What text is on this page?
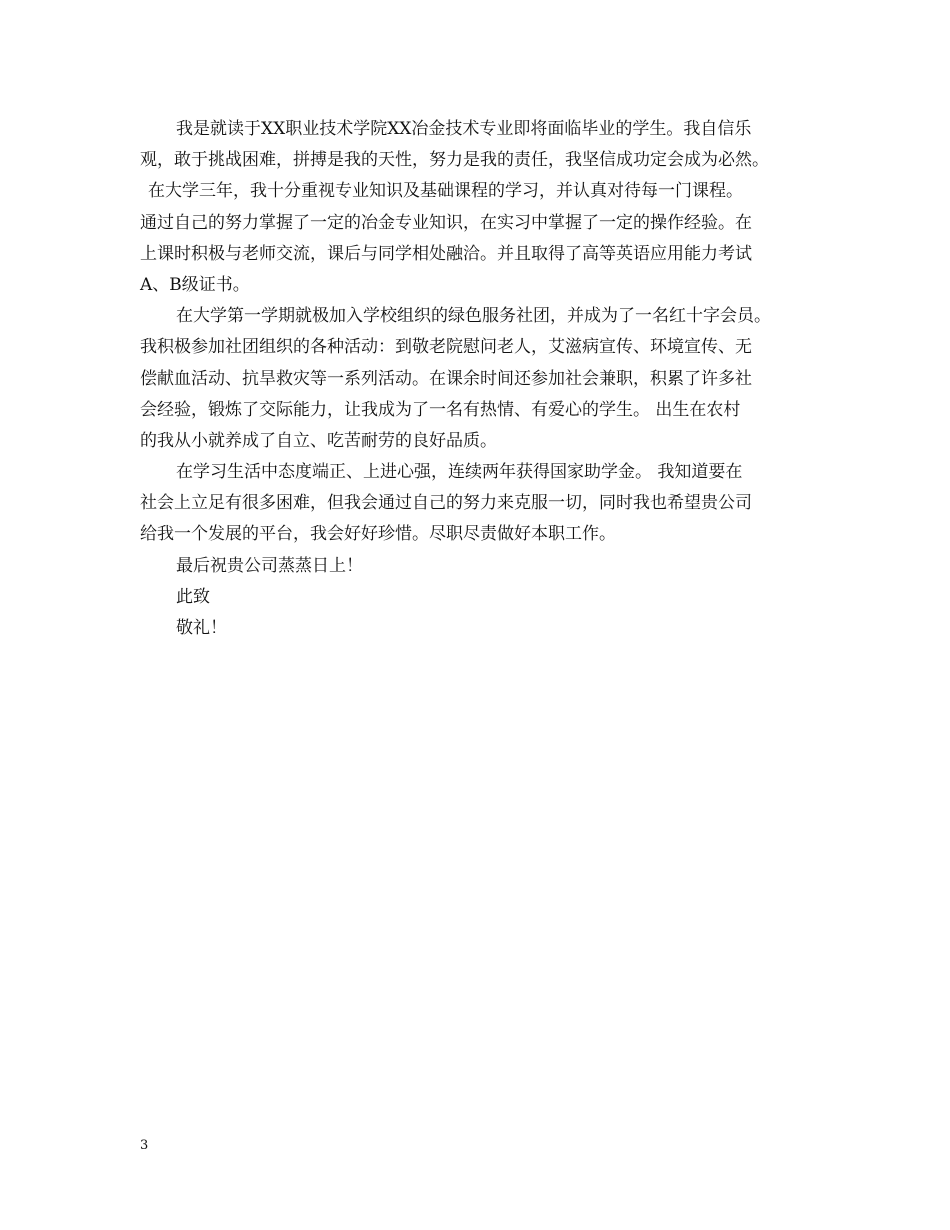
我是就读于XX职业技术学院XX冶金技术专业即将面临毕业的学生。我自信乐
观，敢于挑战困难，拼搏是我的天性，努力是我的责任，我坚信成功定会成为必然。
在大学三年，我十分重视专业知识及基础课程的学习，并认真对待每一门课程。
通过自己的努力掌握了一定的冶金专业知识，在实习中掌握了一定的操作经验。在
上课时积极与老师交流，课后与同学相处融洽。并且取得了高等英语应用能力考试
A、B级证书。
在大学第一学期就极加入学校组织的绿色服务社团，并成为了一名红十字会员。
我积极参加社团组织的各种活动：到敬老院慰问老人，艾滋病宣传、环境宣传、无
偿献血活动、抗旱救灾等一系列活动。在课余时间还参加社会兼职，积累了许多社
会经验，锻炼了交际能力，让我成为了一名有热情、有爱心的学生。 出生在农村
的我从小就养成了自立、吃苦耐劳的良好品质。
在学习生活中态度端正、上进心强，连续两年获得国家助学金。 我知道要在
社会上立足有很多困难，但我会通过自己的努力来克服一切，同时我也希望贵公司
给我一个发展的平台，我会好好珍惜。尽职尽责做好本职工作。
最后祝贵公司蒸蒸日上！
此致
敬礼！
3
